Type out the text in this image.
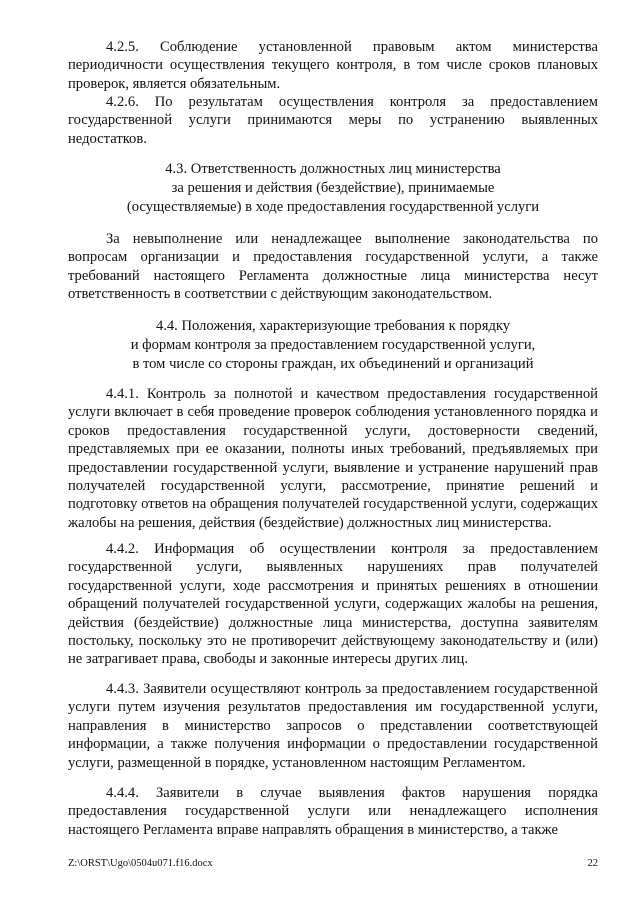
4.2.5. Соблюдение установленной правовым актом министерства периодичности осуществления текущего контроля, в том числе сроков плановых проверок, является обязательным.

4.2.6. По результатам осуществления контроля за предоставлением государственной услуги принимаются меры по устранению выявленных недостатков.

4.3. Ответственность должностных лиц министерства
за решения и действия (бездействие), принимаемые
(осуществляемые) в ходе предоставления государственной услуги

За невыполнение или ненадлежащее выполнение законодательства по вопросам организации и предоставления государственной услуги, а также требований настоящего Регламента должностные лица министерства несут ответственность в соответствии с действующим законодательством.

4.4. Положения, характеризующие требования к порядку
и формам контроля за предоставлением государственной услуги,
в том числе со стороны граждан, их объединений и организаций

4.4.1. Контроль за полнотой и качеством предоставления государственной услуги включает в себя проведение проверок соблюдения установленного порядка и сроков предоставления государственной услуги, достоверности сведений, представляемых при ее оказании, полноты иных требований, предъявляемых при предоставлении государственной услуги, выявление и устранение нарушений прав получателей государственной услуги, рассмотрение, принятие решений и подготовку ответов на обращения получателей государственной услуги, содержащих жалобы на решения, действия (бездействие) должностных лиц министерства.

4.4.2. Информация об осуществлении контроля за предоставлением государственной услуги, выявленных нарушениях прав получателей государственной услуги, ходе рассмотрения и принятых решениях в отношении обращений получателей государственной услуги, содержащих жалобы на решения, действия (бездействие) должностные лица министерства, доступна заявителям постольку, поскольку это не противоречит действующему законодательству и (или) не затрагивает права, свободы и законные интересы других лиц.

4.4.3. Заявители осуществляют контроль за предоставлением государственной услуги путем изучения результатов предоставления им государственной услуги, направления в министерство запросов о представлении соответствующей информации, а также получения информации о предоставлении государственной услуги, размещенной в порядке, установленном настоящим Регламентом.

4.4.4. Заявители в случае выявления фактов нарушения порядка предоставления государственной услуги или ненадлежащего исполнения настоящего Регламента вправе направлять обращения в министерство, а также

Z:\ORST\Ugo\0504u071.f16.docx	22
